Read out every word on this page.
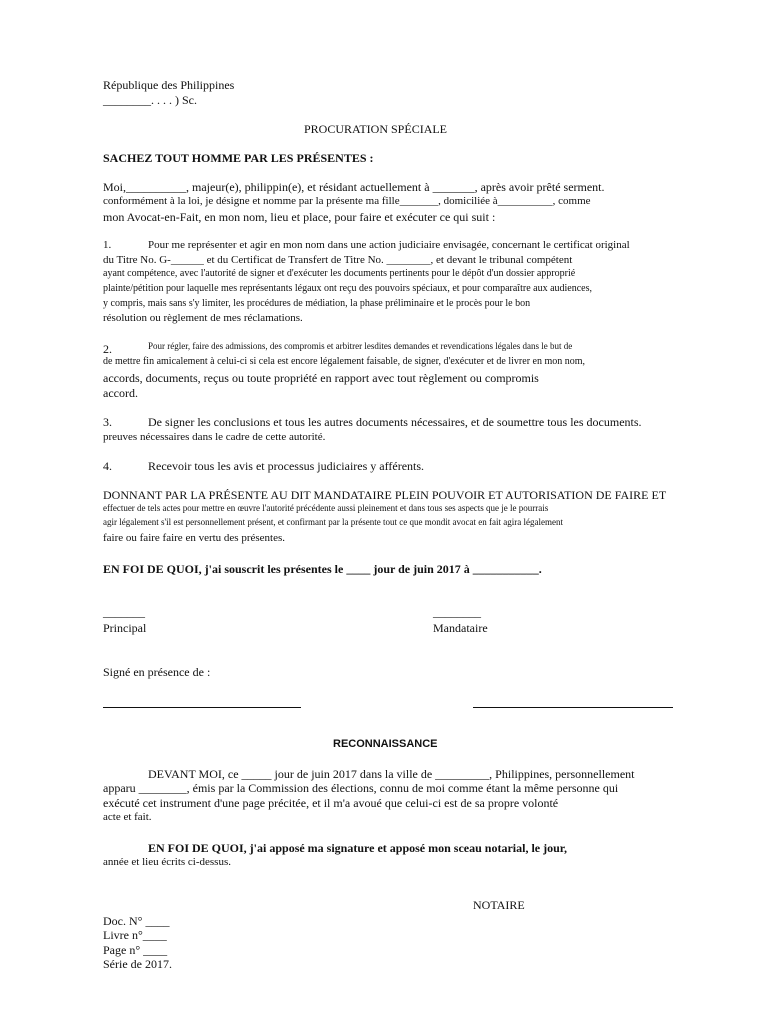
République des Philippines
________. . . . ) Sc.
PROCURATION SPÉCIALE
SACHEZ TOUT HOMME PAR LES PRÉSENTES :
Moi,__________, majeur(e), philippin(e), et résidant actuellement à _______, après avoir prêté serment.
conformément à la loi, je désigne et nomme par la présente ma fille_______, domiciliée à__________, comme
mon Avocat-en-Fait, en mon nom, lieu et place, pour faire et exécuter ce qui suit :
1.	Pour me représenter et agir en mon nom dans une action judiciaire envisagée, concernant le certificat original
du Titre No. G-______ et du Certificat de Transfert de Titre No. ________, et devant le tribunal compétent
ayant compétence, avec l'autorité de signer et d'exécuter les documents pertinents pour le dépôt d'un dossier approprié
plainte/pétition pour laquelle mes représentants légaux ont reçu des pouvoirs spéciaux, et pour comparaître aux audiences,
y compris, mais sans s'y limiter, les procédures de médiation, la phase préliminaire et le procès pour le bon
résolution ou règlement de mes réclamations.
2.	Pour régler, faire des admissions, des compromis et arbitrer lesdites demandes et revendications légales dans le but de
de mettre fin amicalement à celui-ci si cela est encore légalement faisable, de signer, d'exécuter et de livrer en mon nom,
accords, documents, reçus ou toute propriété en rapport avec tout règlement ou compromis
accord.
3.	De signer les conclusions et tous les autres documents nécessaires, et de soumettre tous les documents.
preuves nécessaires dans le cadre de cette autorité.
4.	Recevoir tous les avis et processus judiciaires y afférents.
DONNANT PAR LA PRÉSENTE AU DIT MANDATAIRE PLEIN POUVOIR ET AUTORISATION DE FAIRE ET
effectuer de tels actes pour mettre en œuvre l'autorité précédente aussi pleinement et dans tous ses aspects que je le pourrais
agir légalement s'il est personnellement présent, et confirmant par la présente tout ce que mondit avocat en fait agira légalement
faire ou faire faire en vertu des présentes.
EN FOI DE QUOI, j'ai souscrit les présentes le ____ jour de juin 2017 à ___________.
_______
Principal
________
Mandataire
Signé en présence de :
RECONNAISSANCE
DEVANT MOI, ce _____ jour de juin 2017 dans la ville de _________, Philippines, personnellement
apparu ________, émis par la Commission des élections, connu de moi comme étant la même personne qui
exécuté cet instrument d'une page précitée, et il m'a avoué que celui-ci est de sa propre volonté
acte et fait.
EN FOI DE QUOI, j'ai apposé ma signature et apposé mon sceau notarial, le jour,
année et lieu écrits ci-dessus.
NOTAIRE
Doc. N° ____
Livre n°____
Page n° ____
Série de 2017.
